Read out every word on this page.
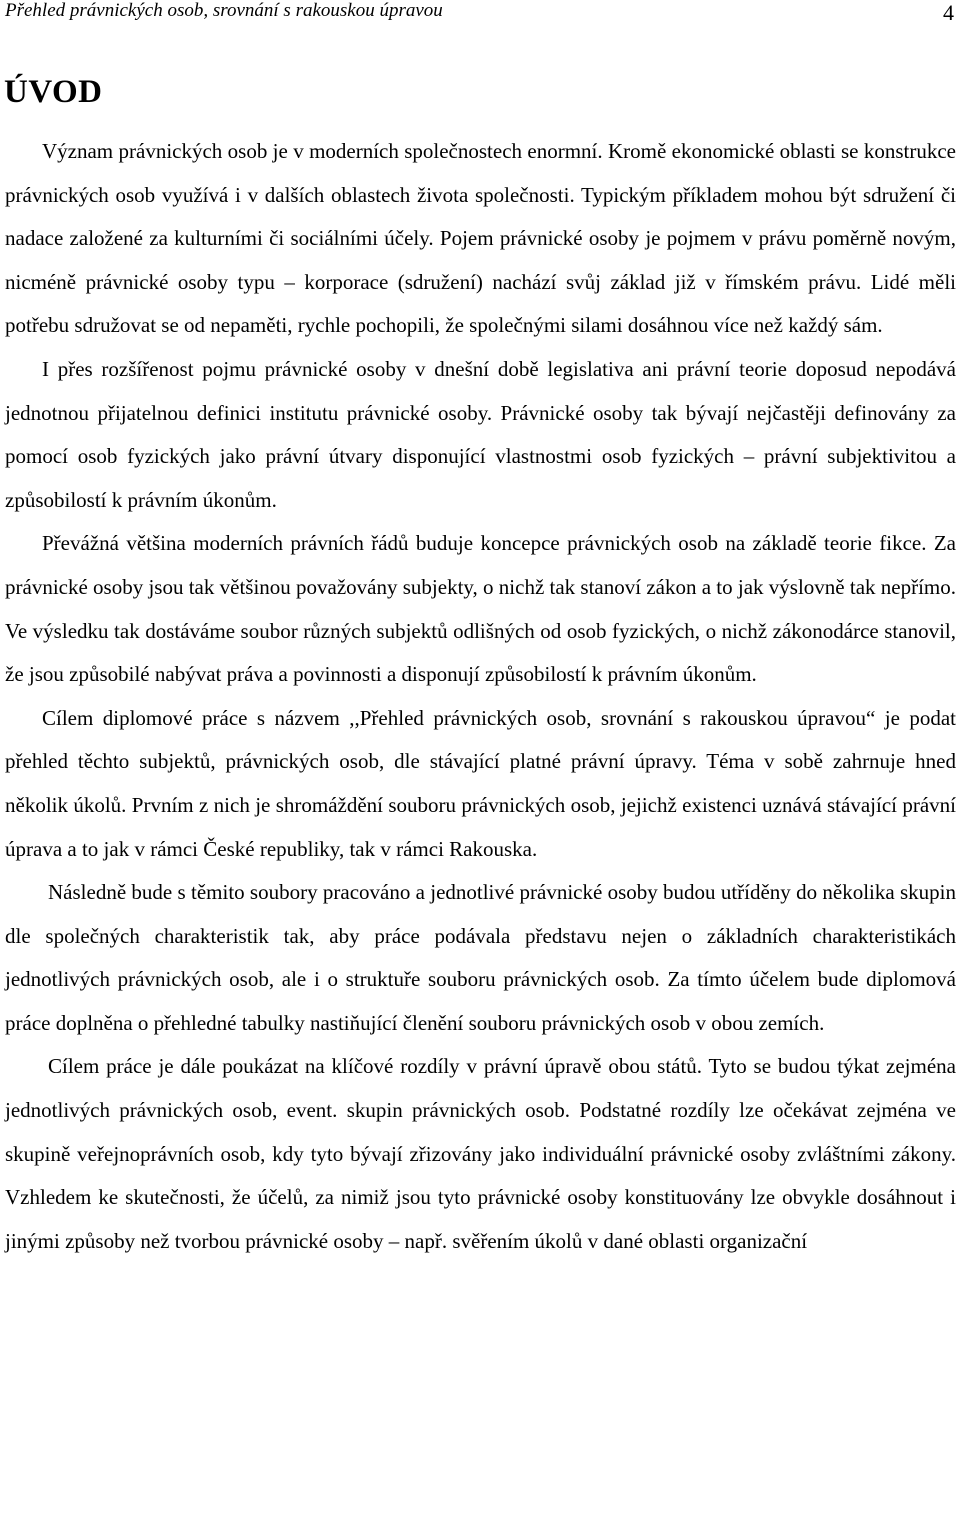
Přehled právnických osob, srovnání s rakouskou úpravou	4
ÚVOD

Význam právnických osob je v moderních společnostech enormní. Kromě ekonomické oblasti se konstrukce právnických osob využívá i v dalších oblastech života společnosti. Typickým příkladem mohou být sdružení či nadace založené za kulturními či sociálními účely. Pojem právnické osoby je pojmem v právu poměrně novým, nicméně právnické osoby typu – korporace (sdružení) nachází svůj základ již v římském právu. Lidé měli potřebu sdružovat se od nepaměti, rychle pochopili, že společnými silami dosáhnou více než každý sám.

I přes rozšířenost pojmu právnické osoby v dnešní době legislativa ani právní teorie doposud nepodává jednotnou přijatelnou definici institutu právnické osoby. Právnické osoby tak bývají nejčastěji definovány za pomocí osob fyzických jako právní útvary disponující vlastnostmi osob fyzických – právní subjektivitou a způsobilostí k právním úkonům.

Převážná většina moderních právních řádů buduje koncepce právnických osob na základě teorie fikce. Za právnické osoby jsou tak většinou považovány subjekty, o nichž tak stanoví zákon a to jak výslovně tak nepřímo. Ve výsledku tak dostáváme soubor různých subjektů odlišných od osob fyzických, o nichž zákonodárce stanovil, že jsou způsobilé nabývat práva a povinnosti a disponují způsobilostí k právním úkonům.

Cílem diplomové práce s názvem ,,Přehled právnických osob, srovnání s rakouskou úpravou“ je podat přehled těchto subjektů, právnických osob, dle stávající platné právní úpravy. Téma v sobě zahrnuje hned několik úkolů. Prvním z nich je shromáždění souboru právnických osob, jejichž existenci uznává stávající právní úprava a to jak v rámci České republiky, tak v rámci Rakouska.

Následně bude s těmito soubory pracováno a jednotlivé právnické osoby budou utříděny do několika skupin dle společných charakteristik tak, aby práce podávala představu nejen o základních charakteristikách jednotlivých právnických osob, ale i o struktuře souboru právnických osob. Za tímto účelem bude diplomová práce doplněna o přehledné tabulky nastiňující členění souboru právnických osob v obou zemích.

Cílem práce je dále poukázat na klíčové rozdíly v právní úpravě obou států. Tyto se budou týkat zejména jednotlivých právnických osob, event. skupin právnických osob. Podstatné rozdíly lze očekávat zejména ve skupině veřejnoprávních osob, kdy tyto bývají zřizovány jako individuální právnické osoby zvláštními zákony. Vzhledem ke skutečnosti, že účelů, za nimiž jsou tyto právnické osoby konstituovány lze obvykle dosáhnout i jinými způsoby než tvorbou právnické osoby – např. svěřením úkolů v dané oblasti organizační
